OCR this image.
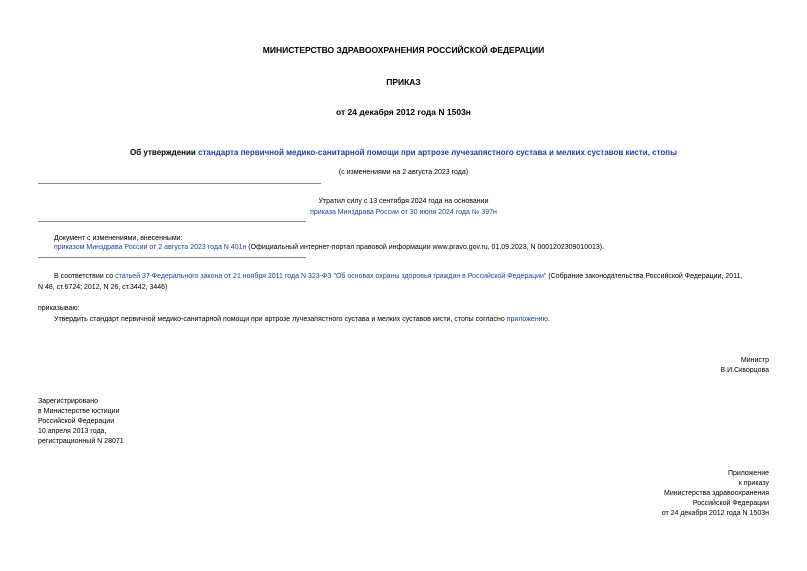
МИНИСТЕРСТВО ЗДРАВООХРАНЕНИЯ РОССИЙСКОЙ ФЕДЕРАЦИИ
ПРИКАЗ
от 24 декабря 2012 года N 1503н
Об утверждении стандарта первичной медико-санитарной помощи при артрозе лучезапястного сустава и мелких суставов кисти, стопы
(с изменениями на 2 августа 2023 года)
Утратил силу с 13 сентября 2024 года на основании
приказа Минздрава России от 30 июля 2024 года № 397н
Документ с изменениями, внесенными:
приказом Минздрава России от 2 августа 2023 года N 401н (Официальный интернет-портал правовой информации www.pravo.gov.ru, 01.09.2023, N 0001202309010013).
В соответствии со статьей 37 Федерального закона от 21 ноября 2011 года N 323-ФЗ "Об основах охраны здоровья граждан в Российской Федерации" (Собрание законодательства Российской Федерации, 2011,
N 48, ст.6724; 2012, N 26, ст.3442, 3446)
приказываю:
Утвердить стандарт первичной медико-санитарной помощи при артрозе лучезапястного сустава и мелких суставов кисти, стопы согласно приложению.
Министр
В.И.Скворцова
Зарегистрировано
в Министерстве юстиции
Российской Федерации
10 апреля 2013 года,
регистрационный N 28071
Приложение
к приказу
Министерства здравоохранения
Российской Федерации
от 24 декабря 2012 года N 1503н
